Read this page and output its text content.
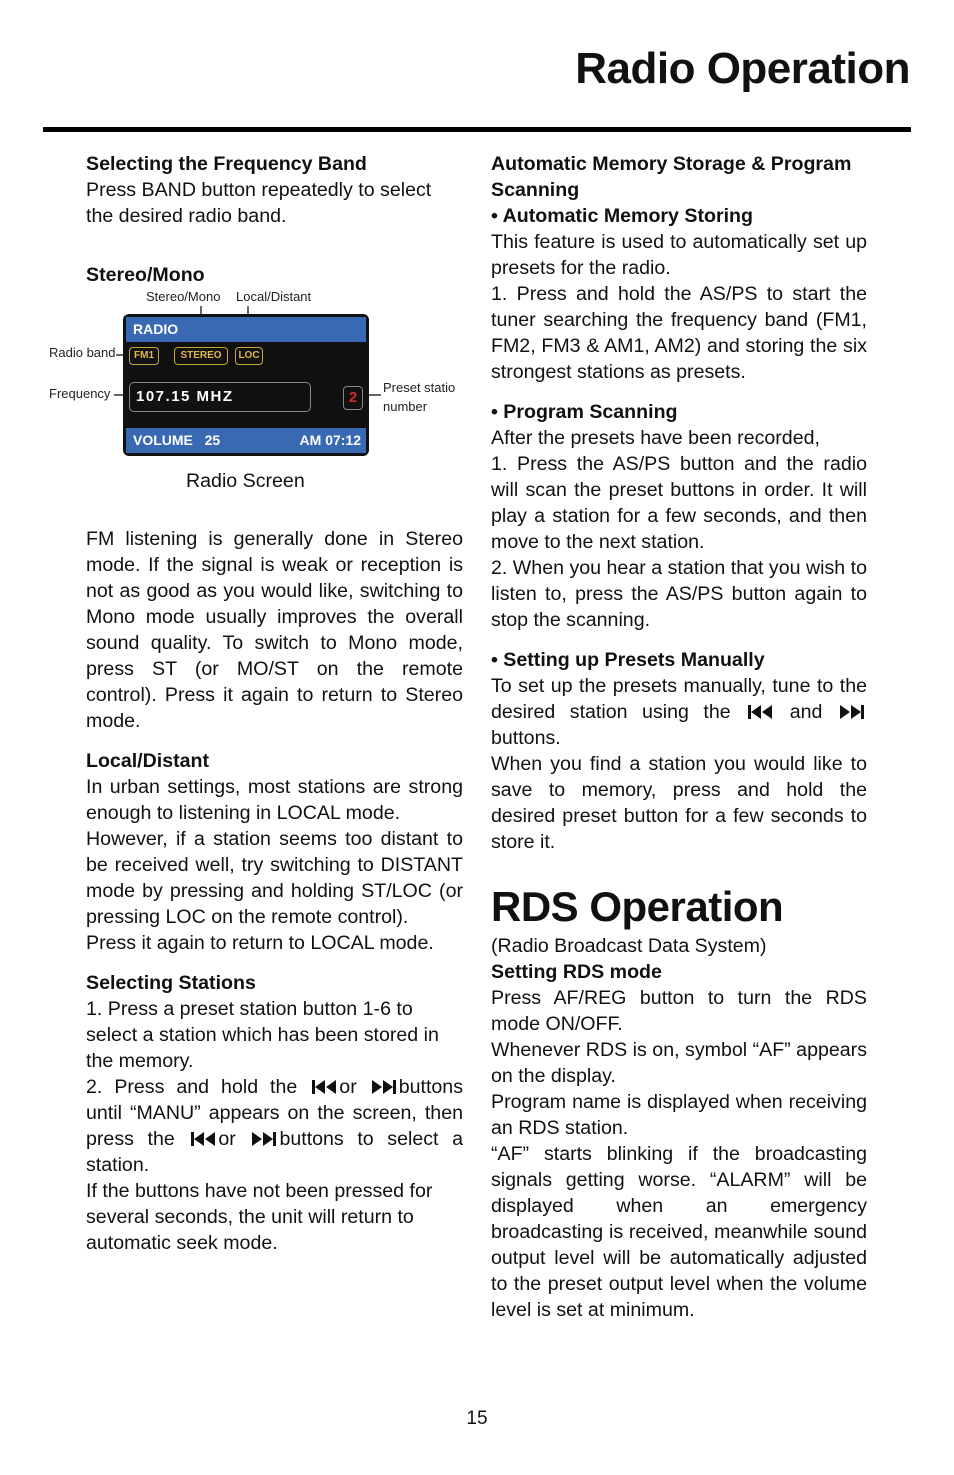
Radio Operation
Selecting the Frequency Band

Press BAND button repeatedly to select the desired radio band.

Stereo/Mono
Stereo/Mono Local/Distant
Radio band
Frequency	Preset statio
number
RADIO
FM1	STEREO	LOC
107.15 MHZ	2
VOLUME 25	AM 07:12
Radio Screen

FM listening is generally done in Stereo mode. If the signal is weak or reception is not as good as you would like, switching to Mono mode usually improves the overall sound quality. To switch to Mono mode, press ST (or MO/ST on the remote control). Press it again to return to Stereo mode.

Local/Distant

In urban settings, most stations are strong enough to listening in LOCAL mode.

However, if a station seems too distant to be received well, try switching to DISTANT mode by pressing and holding ST/LOC (or pressing LOC on the remote control).

Press it again to return to LOCAL mode.

Selecting Stations

1. Press a preset station button 1-6 to select a station which has been stored in the memory.

2. Press and hold the or buttons until “MANU” appears on the screen, then press the or buttons to select a station.

If the buttons have not been pressed for several seconds, the unit will return to automatic seek mode.

Automatic Memory Storage & Program Scanning
• Automatic Memory Storing

This feature is used to automatically set up presets for the radio.

1. Press and hold the AS/PS to start the tuner searching the frequency band (FM1, FM2, FM3 & AM1, AM2) and storing the six strongest stations as presets.

• Program Scanning

After the presets have been recorded,

1. Press the AS/PS button and the radio will scan the preset buttons in order. It will play a station for a few seconds, and then move to the next station.

2. When you hear a station that you wish to listen to, press the AS/PS button again to stop the scanning.

• Setting up Presets Manually

To set up the presets manually, tune to the desired station using the	and buttons.

When you find a station you would like to save to memory, press and hold the desired preset button for a few seconds to store it.

RDS Operation

(Radio Broadcast Data System)

Setting RDS mode

Press AF/REG button to turn the RDS mode ON/OFF.

Whenever RDS is on, symbol “AF” appears on the display.

Program name is displayed when receiving an RDS station.

“AF” starts blinking if the broadcasting signals getting worse. “ALARM” will be displayed when an emergency broadcasting is received, meanwhile sound output level will be automatically adjusted to the preset output level when the volume level is set at minimum.

15
